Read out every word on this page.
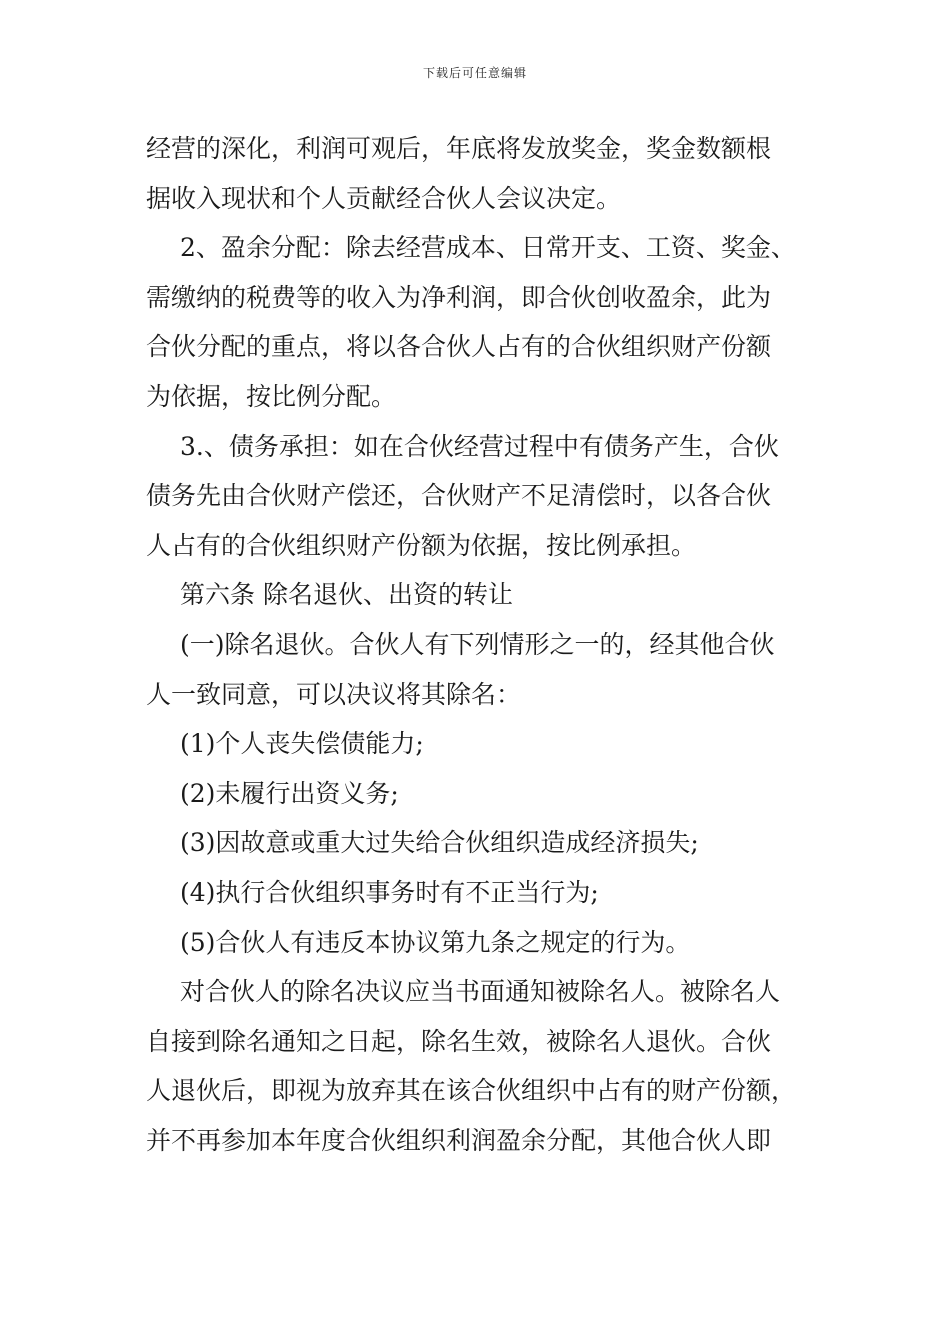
下载后可任意编辑
经营的深化，利润可观后，年底将发放奖金，奖金数额根
据收入现状和个人贡献经合伙人会议决定。
2、盈余分配：除去经营成本、日常开支、工资、奖金、
需缴纳的税费等的收入为净利润，即合伙创收盈余，此为
合伙分配的重点，将以各合伙人占有的合伙组织财产份额
为依据，按比例分配。
3.、债务承担：如在合伙经营过程中有债务产生，合伙
债务先由合伙财产偿还，合伙财产不足清偿时，以各合伙
人占有的合伙组织财产份额为依据，按比例承担。
第六条 除名退伙、出资的转让
(一)除名退伙。合伙人有下列情形之一的，经其他合伙
人一致同意，可以决议将其除名：
(1)个人丧失偿债能力;
(2)未履行出资义务;
(3)因故意或重大过失给合伙组织造成经济损失;
(4)执行合伙组织事务时有不正当行为;
(5)合伙人有违反本协议第九条之规定的行为。
对合伙人的除名决议应当书面通知被除名人。被除名人
自接到除名通知之日起，除名生效，被除名人退伙。合伙
人退伙后，即视为放弃其在该合伙组织中占有的财产份额，
并不再参加本年度合伙组织利润盈余分配，其他合伙人即
